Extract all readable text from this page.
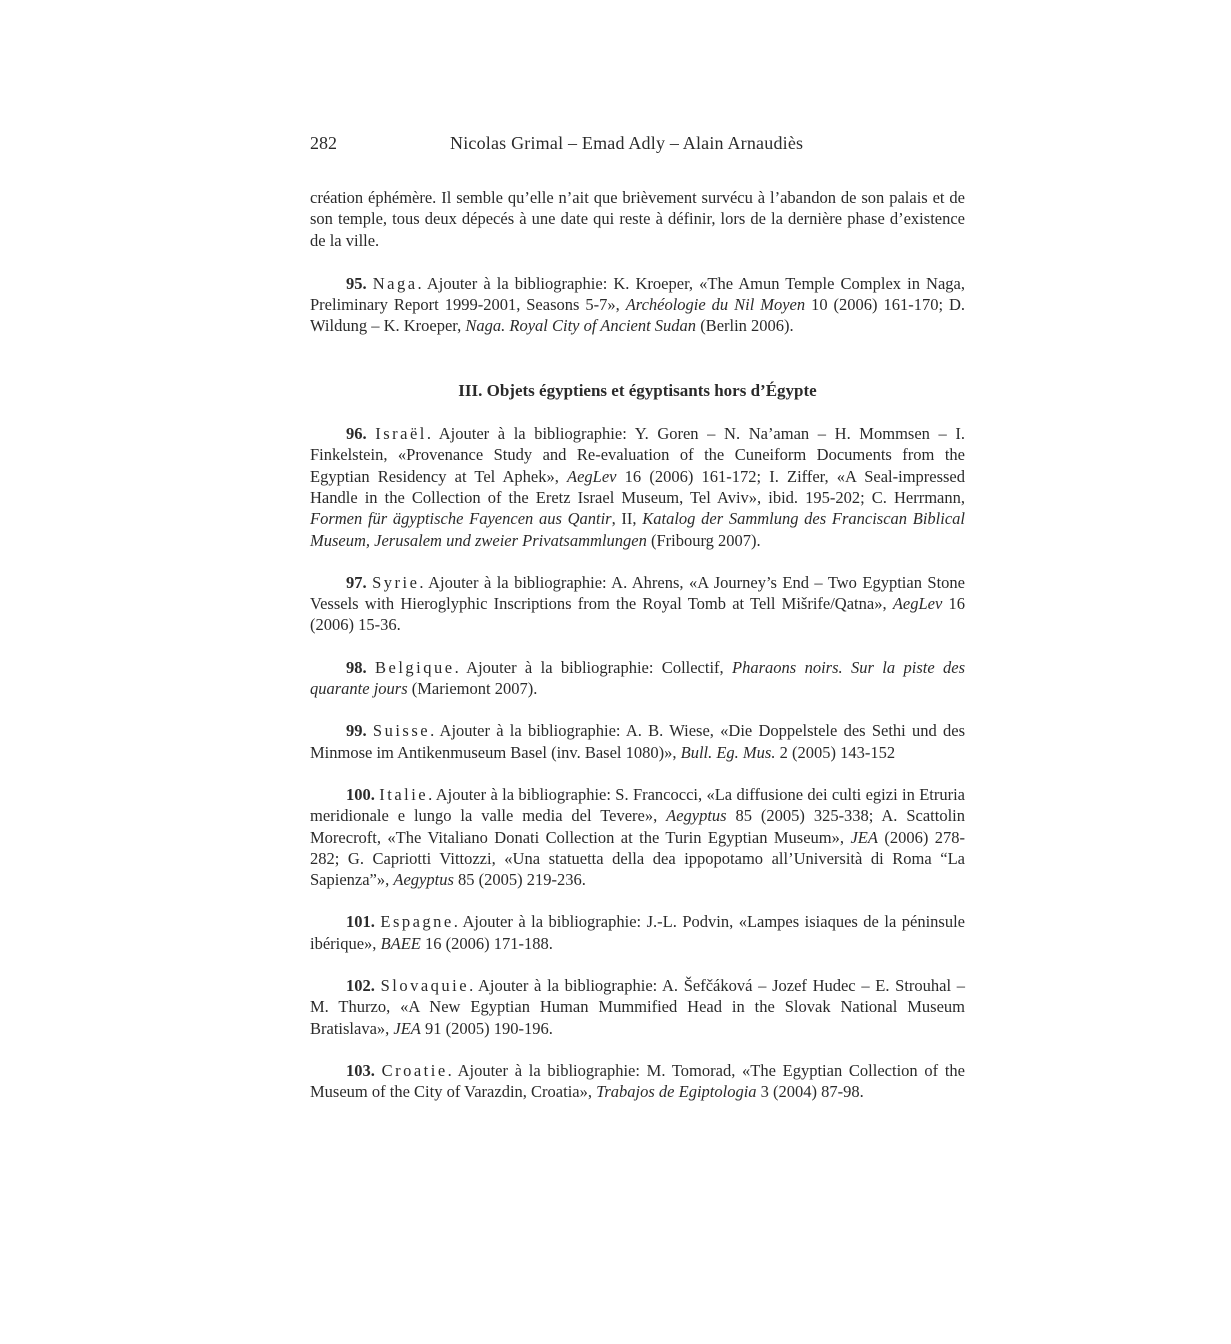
282	Nicolas Grimal – Emad Adly – Alain Arnaudiès

création éphémère. Il semble qu’elle n’ait que brièvement survécu à l’abandon de son palais et de son temple, tous deux dépecés à une date qui reste à définir, lors de la dernière phase d’existence de la ville.

95. Naga. Ajouter à la bibliographie: K. Kroeper, «The Amun Temple Complex in Naga, Preliminary Report 1999-2001, Seasons 5-7», Archéologie du Nil Moyen 10 (2006) 161-170; D. Wildung – K. Kroeper, Naga. Royal City of Ancient Sudan (Berlin 2006).

III. Objets égyptiens et égyptisants hors d’Égypte

96. Israël. Ajouter à la bibliographie: Y. Goren – N. Na’aman – H. Mommsen – I. Finkelstein, «Provenance Study and Re-evaluation of the Cuneiform Documents from the Egyptian Residency at Tel Aphek», AegLev 16 (2006) 161-172; I. Ziffer, «A Seal-impressed Handle in the Collection of the Eretz Israel Museum, Tel Aviv», ibid. 195-202; C. Herrmann, Formen für ägyptische Fayencen aus Qantir, II, Katalog der Sammlung des Franciscan Biblical Museum, Jerusalem und zweier Privatsammlungen (Fribourg 2007).

97. Syrie. Ajouter à la bibliographie: A. Ahrens, «A Journey’s End – Two Egyptian Stone Vessels with Hieroglyphic Inscriptions from the Royal Tomb at Tell Mišrife/Qatna», AegLev 16 (2006) 15-36.

98. Belgique. Ajouter à la bibliographie: Collectif, Pharaons noirs. Sur la piste des quarante jours (Mariemont 2007).

99. Suisse. Ajouter à la bibliographie: A. B. Wiese, «Die Doppelstele des Sethi und des Minmose im Antikenmuseum Basel (inv. Basel 1080)», Bull. Eg. Mus. 2 (2005) 143-152

100. Italie. Ajouter à la bibliographie: S. Francocci, «La diffusione dei culti egizi in Etruria meridionale e lungo la valle media del Tevere», Aegyptus 85 (2005) 325-338; A. Scattolin Morecroft, «The Vitaliano Donati Collection at the Turin Egyptian Museum», JEA (2006) 278-282; G. Capriotti Vittozzi, «Una statuetta della dea ippopotamo all’Università di Roma “La Sapienza”», Aegyptus 85 (2005) 219-236.

101. Espagne. Ajouter à la bibliographie: J.-L. Podvin, «Lampes isiaques de la péninsule ibérique», BAEE 16 (2006) 171-188.

102. Slovaquie. Ajouter à la bibliographie: A. Šefčáková – Jozef Hudec – E. Strouhal – M. Thurzo, «A New Egyptian Human Mummified Head in the Slovak National Museum Bratislava», JEA 91 (2005) 190-196.

103. Croatie. Ajouter à la bibliographie: M. Tomorad, «The Egyptian Collection of the Museum of the City of Varazdin, Croatia», Trabajos de Egiptologia 3 (2004) 87-98.
